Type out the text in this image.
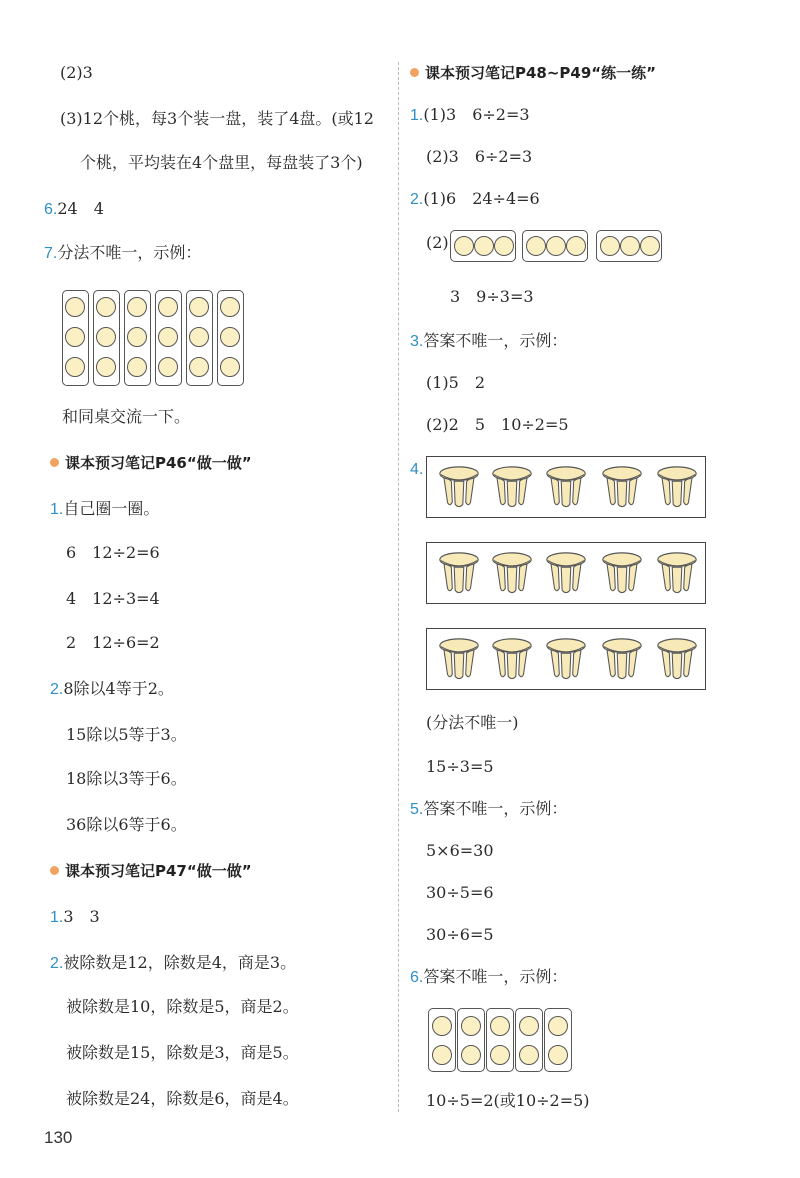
(2)3
(3)12个桃，每3个装一盘，装了4盘。(或12
个桃，平均装在4个盘里，每盘装了3个)
6.24　4
7.分法不唯一，示例：
和同桌交流一下。
课本预习笔记P46“做一做”
1.自己圈一圈。
6　12÷2=6
4　12÷3=4
2　12÷6=2
2.8除以4等于2。
15除以5等于3。
18除以3等于6。
36除以6等于6。
课本预习笔记P47“做一做”
1.3　3
2.被除数是12，除数是4，商是3。
被除数是10，除数是5，商是2。
被除数是15，除数是3，商是5。
被除数是24，除数是6，商是4。
课本预习笔记P48~P49“练一练”
1.(1)3　6÷2=3
(2)3　6÷2=3
2.(1)6　24÷4=6
(2)
3　9÷3=3
3.答案不唯一，示例：
(1)5　2
(2)2　5　10÷2=5
4.
(分法不唯一)
15÷3=5
5.答案不唯一，示例：
5×6=30
30÷5=6
30÷6=5
6.答案不唯一，示例：
10÷5=2(或10÷2=5)
130
